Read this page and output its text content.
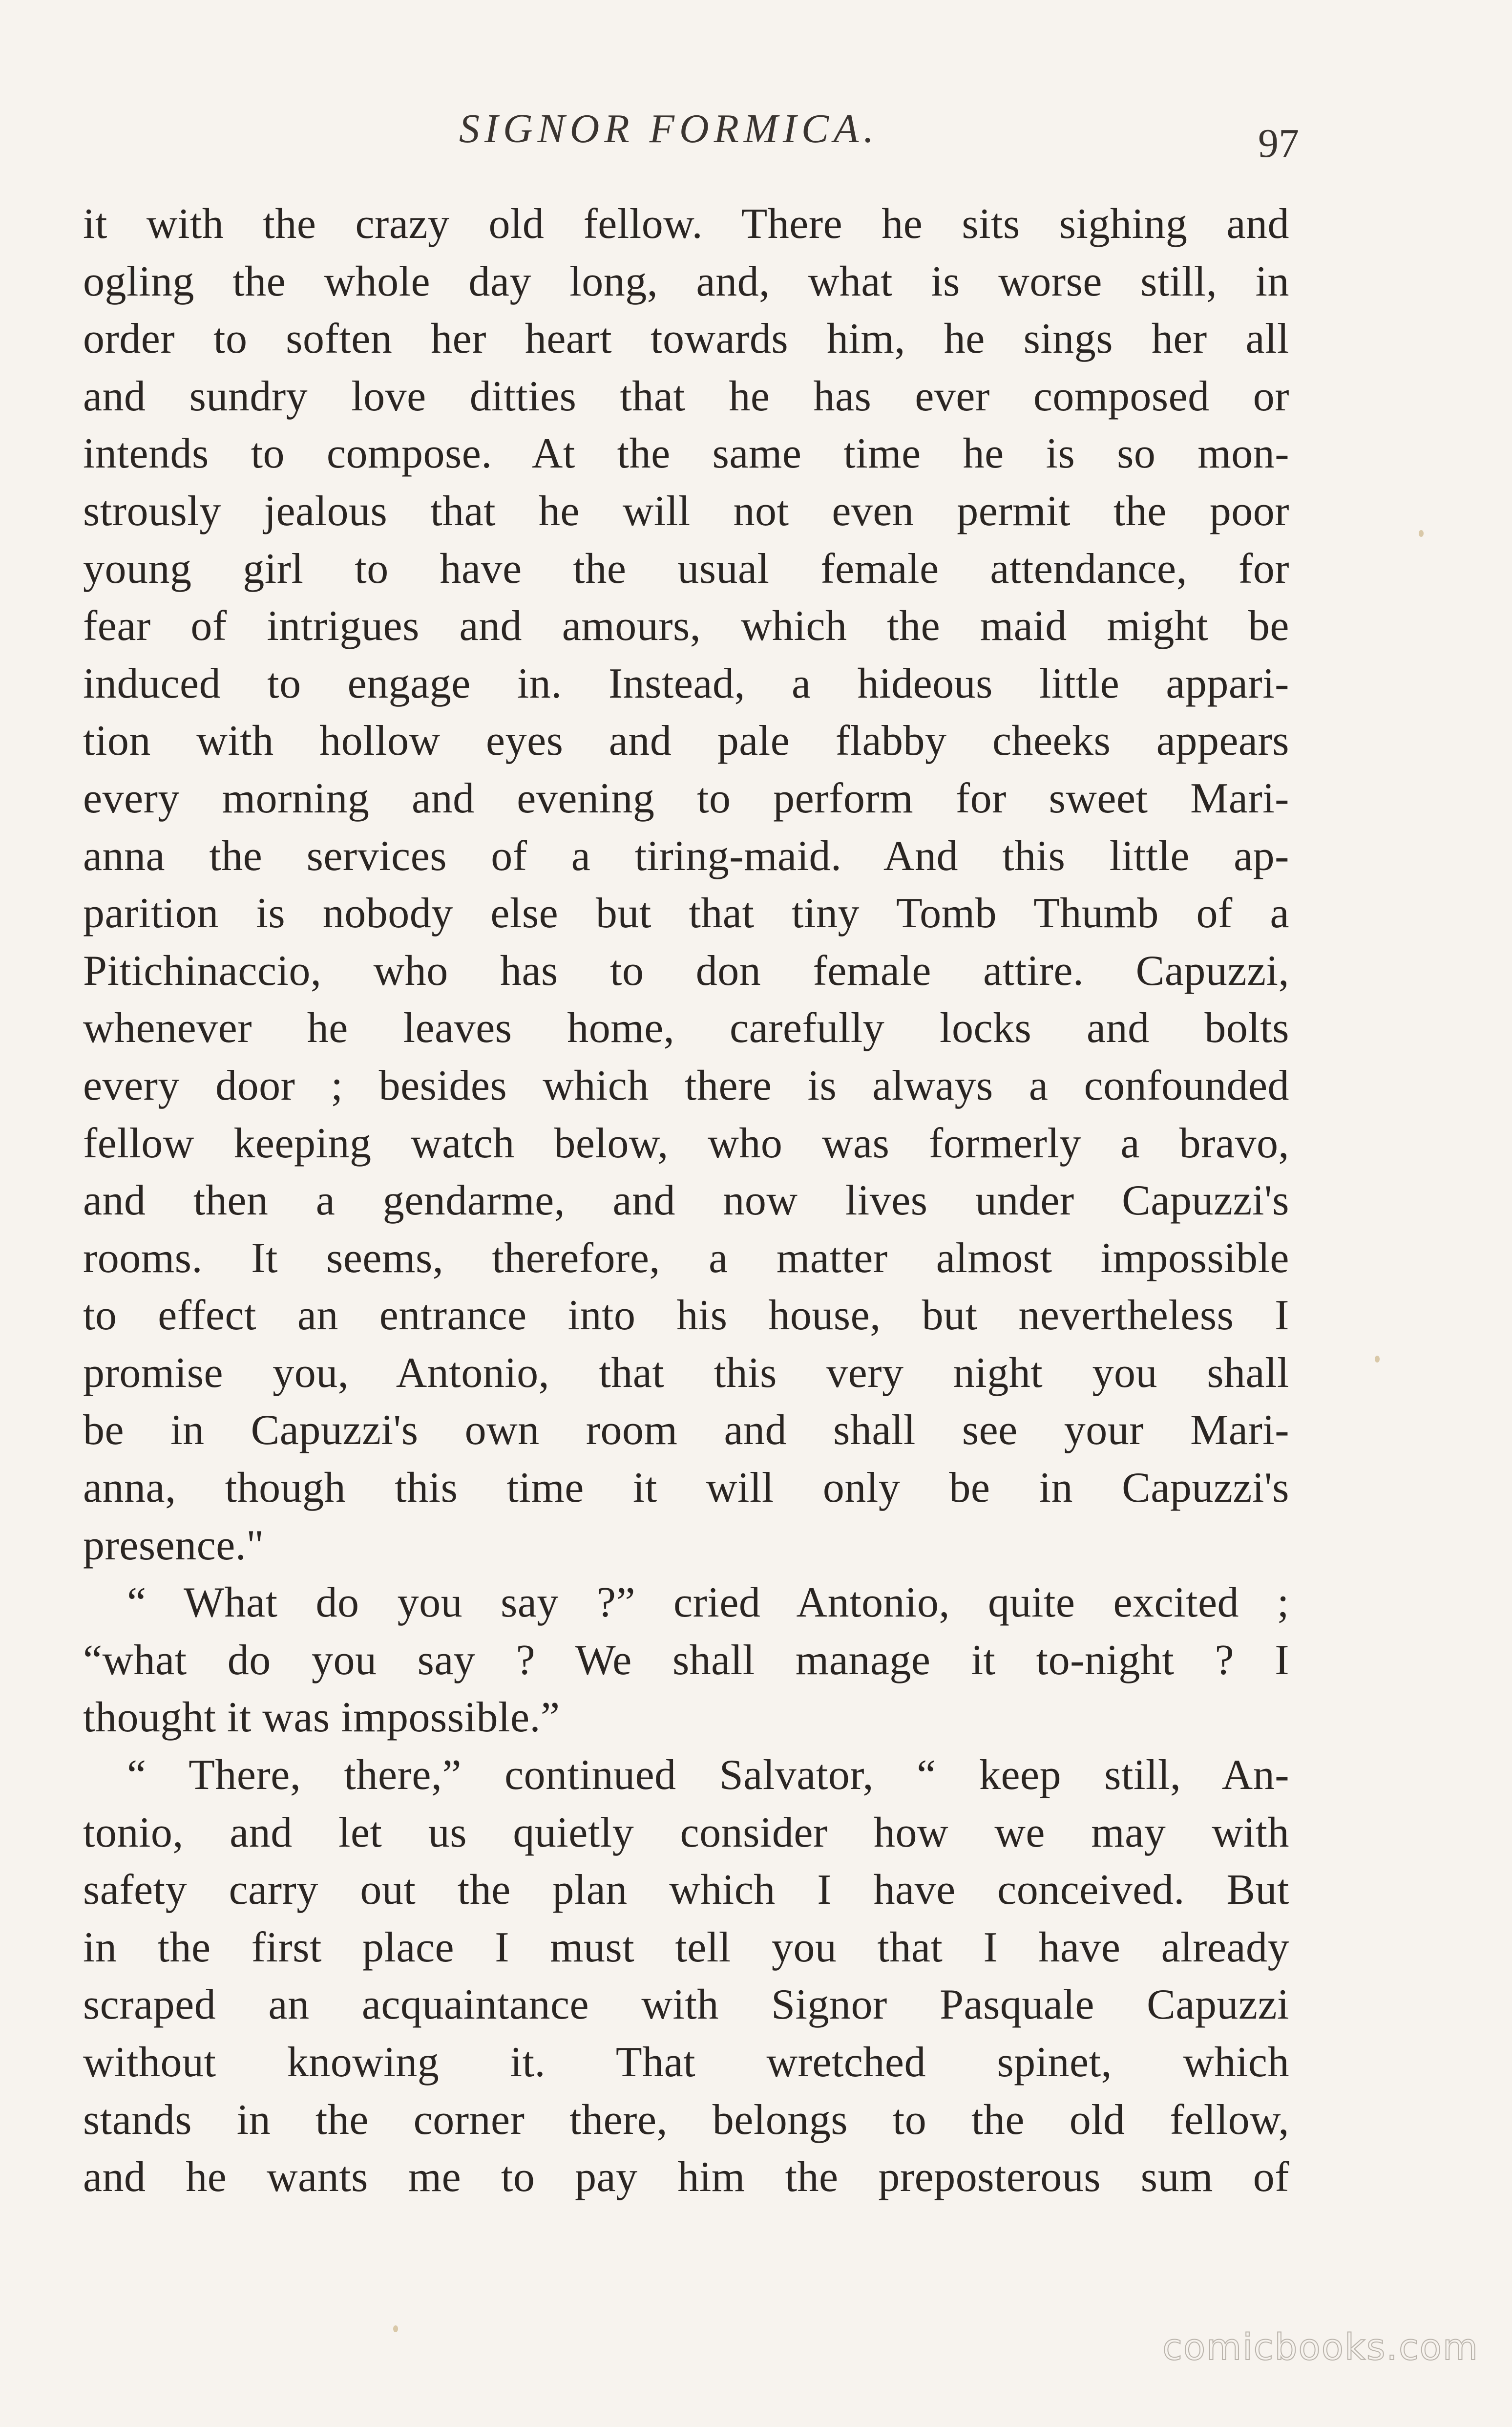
SIGNOR FORMICA.	97
it with the crazy old fellow. There he sits sighing and
ogling the whole day long, and, what is worse still, in
order to soften her heart towards him, he sings her all
and sundry love ditties that he has ever composed or
intends to compose. At the same time he is so mon-
strously jealous that he will not even permit the poor
young girl to have the usual female attendance, for
fear of intrigues and amours, which the maid might be
induced to engage in. Instead, a hideous little appari-
tion with hollow eyes and pale flabby cheeks appears
every morning and evening to perform for sweet Mari-
anna the services of a tiring-maid. And this little ap-
parition is nobody else but that tiny Tomb Thumb of a
Pitichinaccio, who has to don female attire. Capuzzi,
whenever he leaves home, carefully locks and bolts
every door ; besides which there is always a confounded
fellow keeping watch below, who was formerly a bravo,
and then a gendarme, and now lives under Capuzzi's
rooms. It seems, therefore, a matter almost impossible
to effect an entrance into his house, but nevertheless I
promise you, Antonio, that this very night you shall
be in Capuzzi's own room and shall see your Mari-
anna, though this time it will only be in Capuzzi's
presence."
“ What do you say ?” cried Antonio, quite excited ;
“what do you say ? We shall manage it to-night ? I
thought it was impossible.”
“ There, there,” continued Salvator, “ keep still, An-
tonio, and let us quietly consider how we may with
safety carry out the plan which I have conceived. But
in the first place I must tell you that I have already
scraped an acquaintance with Signor Pasquale Capuzzi
without knowing it. That wretched spinet, which
stands in the corner there, belongs to the old fellow,
and he wants me to pay him the preposterous sum of
comicbooks.com
